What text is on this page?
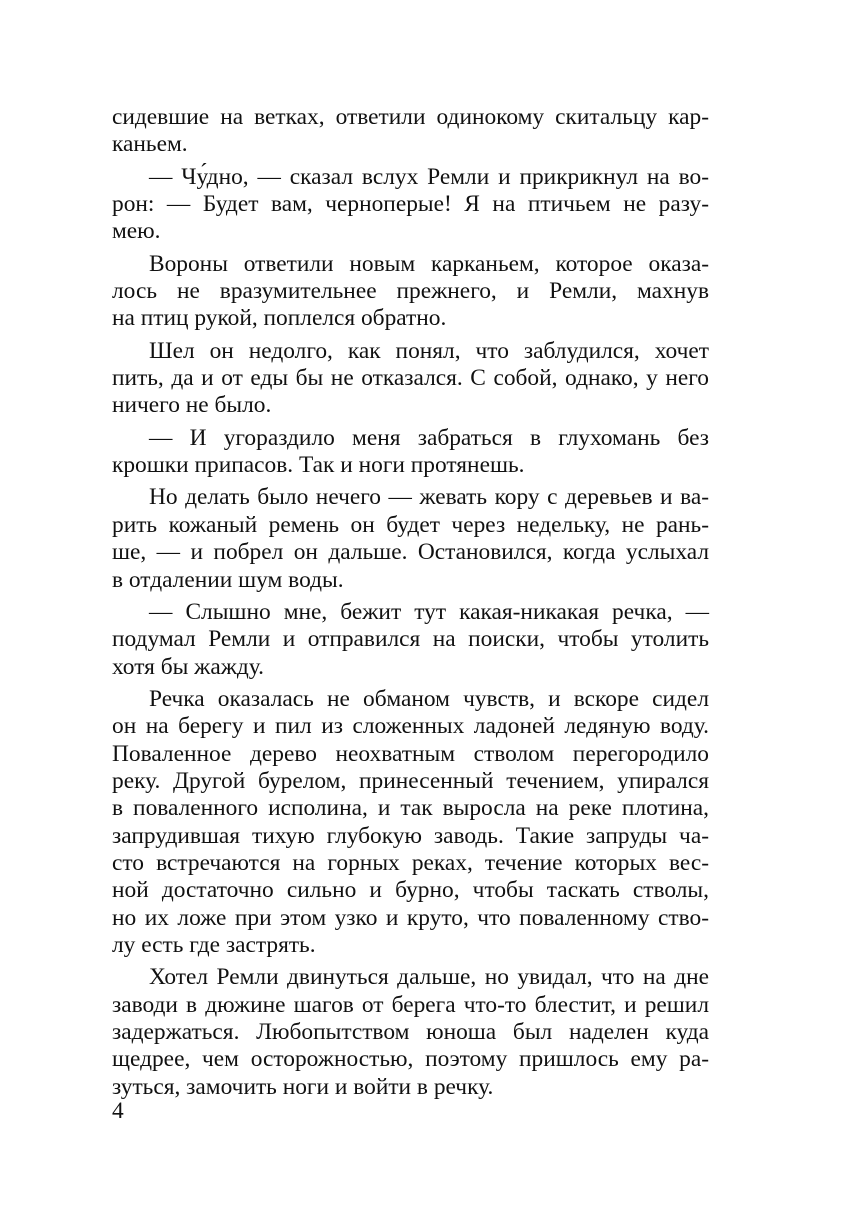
сидевшие на ветках, ответили одинокому скитальцу кар-
каньем.
— Чу́дно, — сказал вслух Ремли и прикрикнул на во-
рон: — Будет вам, черноперые! Я на птичьем не разу-
мею.
Вороны ответили новым карканьем, которое оказа-
лось не вразумительнее прежнего, и Ремли, махнув
на птиц рукой, поплелся обратно.
Шел он недолго, как понял, что заблудился, хочет
пить, да и от еды бы не отказался. С собой, однако, у него
ничего не было.
— И угораздило меня забраться в глухомань без
крошки припасов. Так и ноги протянешь.
Но делать было нечего — жевать кору с деревьев и ва-
рить кожаный ремень он будет через недельку, не рань-
ше, — и побрел он дальше. Остановился, когда услыхал
в отдалении шум воды.
— Слышно мне, бежит тут какая-никакая речка, —
подумал Ремли и отправился на поиски, чтобы утолить
хотя бы жажду.
Речка оказалась не обманом чувств, и вскоре сидел
он на берегу и пил из сложенных ладоней ледяную воду.
Поваленное дерево неохватным стволом перегородило
реку. Другой бурелом, принесенный течением, упирался
в поваленного исполина, и так выросла на реке плотина,
запрудившая тихую глубокую заводь. Такие запруды ча-
сто встречаются на горных реках, течение которых вес-
ной достаточно сильно и бурно, чтобы таскать стволы,
но их ложе при этом узко и круто, что поваленному ство-
лу есть где застрять.
Хотел Ремли двинуться дальше, но увидал, что на дне
заводи в дюжине шагов от берега что-то блестит, и решил
задержаться. Любопытством юноша был наделен куда
щедрее, чем осторожностью, поэтому пришлось ему ра-
зуться, замочить ноги и войти в речку.
4
